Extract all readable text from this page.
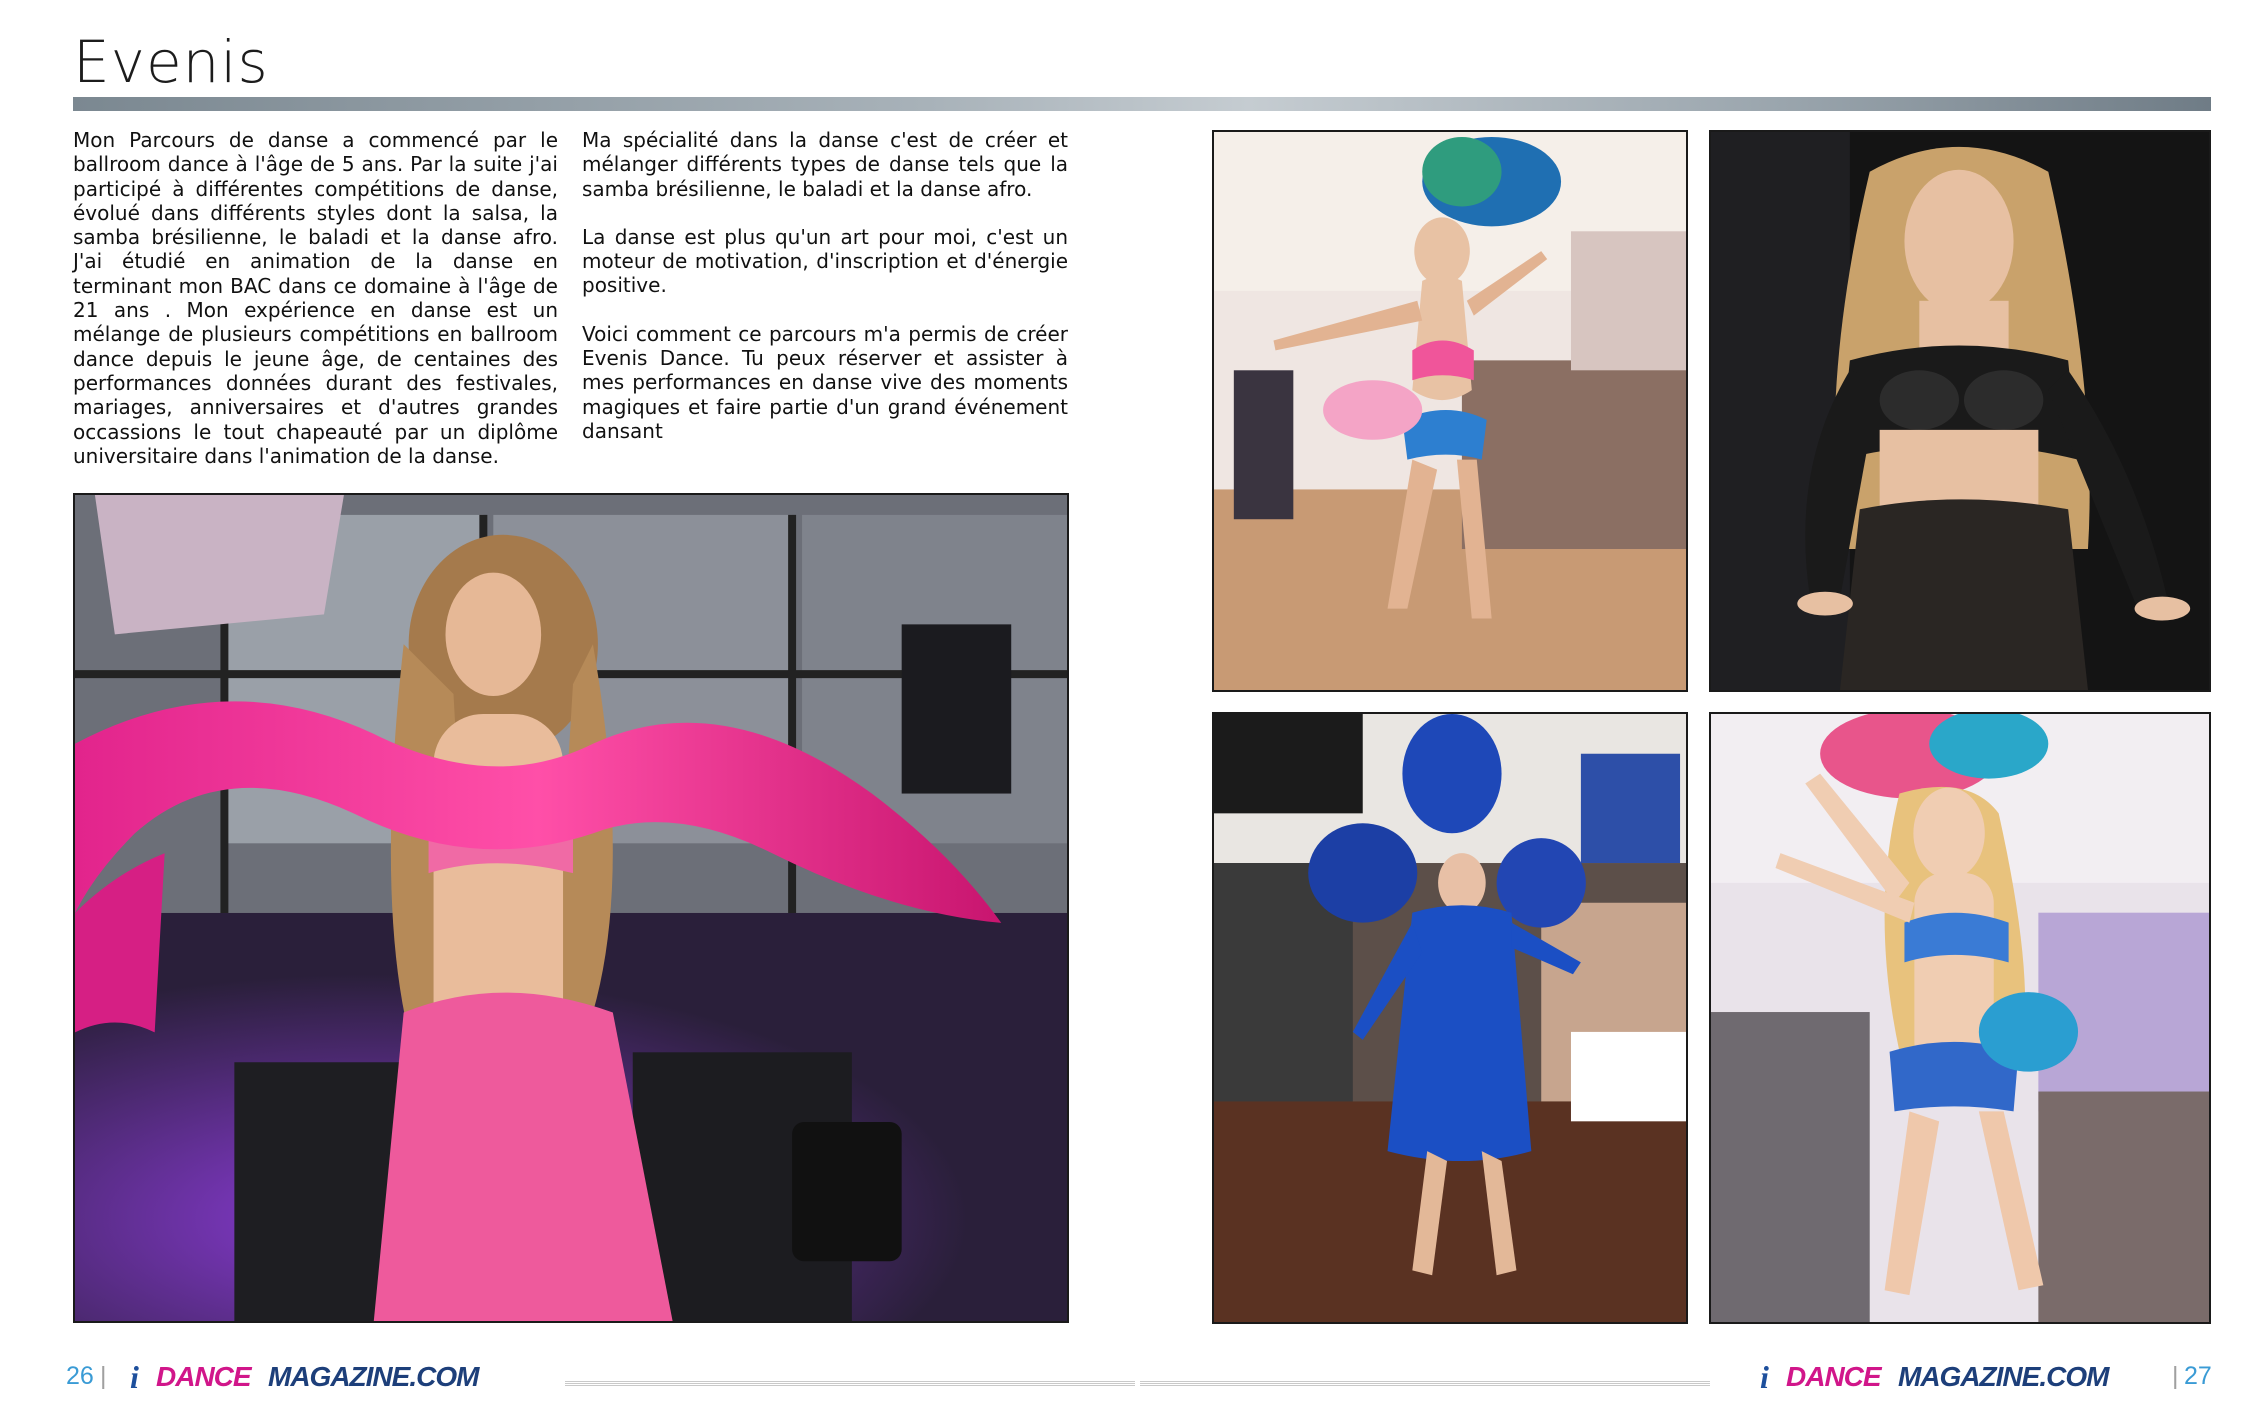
Evenis

Mon Parcours de danse a commencé par le ballroom dance à l'âge de 5 ans. Par la suite j'ai participé à différentes compétitions de danse, évolué dans différents styles dont la salsa, la samba brésilienne, le baladi et la danse afro. J'ai étudié en animation de la danse en terminant mon BAC dans ce domaine à l'âge de 21 ans . Mon expérience en danse est un mélange de plusieurs compétitions en ballroom dance depuis le jeune âge, de centaines des performances données durant des festivales, mariages, anniversaires et d'autres grandes occassions le tout chapeauté par un diplôme universitaire dans l'animation de la danse.

Ma spécialité dans la danse c'est de créer et mélanger différents types de danse tels que la samba brésilienne, le baladi et la danse afro.

La danse est plus qu'un art pour moi, c'est un moteur de motivation, d'inscription et d'énergie positive.

Voici comment ce parcours m'a permis de créer Evenis Dance. Tu peux réserver et assister à mes performances en danse vive des moments magiques et faire partie d'un grand événement dansant

26 | i DANCE MAGAZINE.COM	i DANCE MAGAZINE.COM	| 27
